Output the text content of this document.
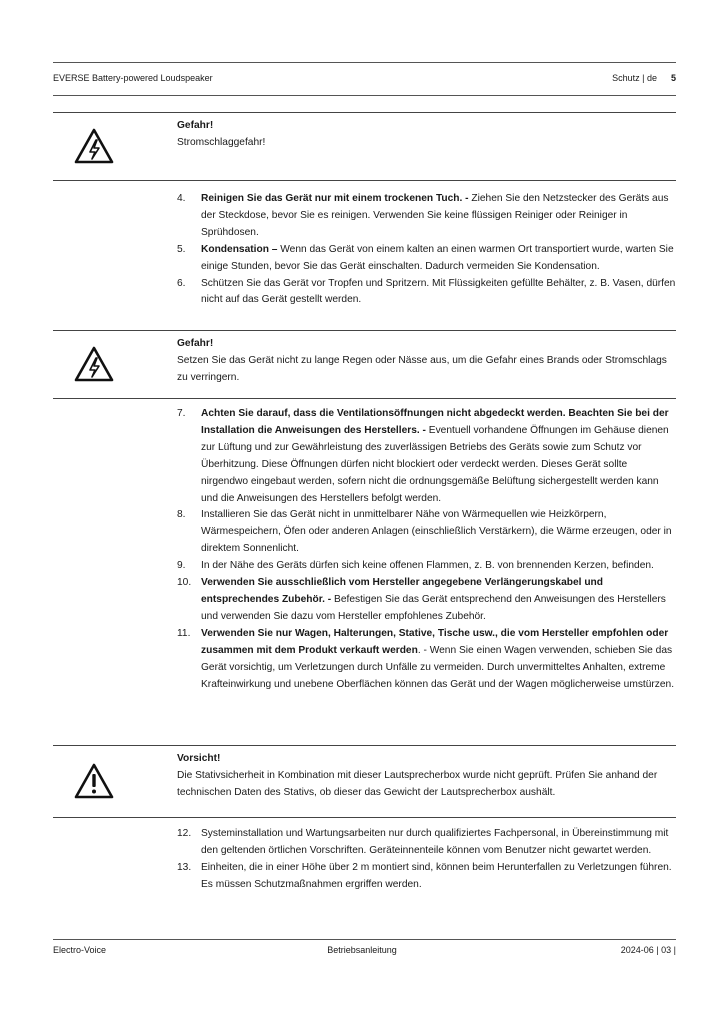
EVERSE Battery-powered Loudspeaker	Schutz | de 5
Gefahr!
Stromschlaggefahr!
4. Reinigen Sie das Gerät nur mit einem trockenen Tuch. - Ziehen Sie den Netzstecker des Geräts aus der Steckdose, bevor Sie es reinigen. Verwenden Sie keine flüssigen Reiniger oder Reiniger in Sprühdosen.
5. Kondensation – Wenn das Gerät von einem kalten an einen warmen Ort transportiert wurde, warten Sie einige Stunden, bevor Sie das Gerät einschalten. Dadurch vermeiden Sie Kondensation.
6. Schützen Sie das Gerät vor Tropfen und Spritzern. Mit Flüssigkeiten gefüllte Behälter, z. B. Vasen, dürfen nicht auf das Gerät gestellt werden.
Gefahr!
Setzen Sie das Gerät nicht zu lange Regen oder Nässe aus, um die Gefahr eines Brands oder Stromschlags zu verringern.
7. Achten Sie darauf, dass die Ventilationsöffnungen nicht abgedeckt werden. Beachten Sie bei der Installation die Anweisungen des Herstellers. - Eventuell vorhandene Öffnungen im Gehäuse dienen zur Lüftung und zur Gewährleistung des zuverlässigen Betriebs des Geräts sowie zum Schutz vor Überhitzung. Diese Öffnungen dürfen nicht blockiert oder verdeckt werden. Dieses Gerät sollte nirgendwo eingebaut werden, sofern nicht die ordnungsgemäße Belüftung sichergestellt werden kann und die Anweisungen des Herstellers befolgt werden.
8. Installieren Sie das Gerät nicht in unmittelbarer Nähe von Wärmequellen wie Heizkörpern, Wärmespeichern, Öfen oder anderen Anlagen (einschließlich Verstärkern), die Wärme erzeugen, oder in direktem Sonnenlicht.
9. In der Nähe des Geräts dürfen sich keine offenen Flammen, z. B. von brennenden Kerzen, befinden.
10. Verwenden Sie ausschließlich vom Hersteller angegebene Verlängerungskabel und entsprechendes Zubehör. - Befestigen Sie das Gerät entsprechend den Anweisungen des Herstellers und verwenden Sie dazu vom Hersteller empfohlenes Zubehör.
11. Verwenden Sie nur Wagen, Halterungen, Stative, Tische usw., die vom Hersteller empfohlen oder zusammen mit dem Produkt verkauft werden. - Wenn Sie einen Wagen verwenden, schieben Sie das Gerät vorsichtig, um Verletzungen durch Unfälle zu vermeiden. Durch unvermitteltes Anhalten, extreme Krafteinwirkung und unebene Oberflächen können das Gerät und der Wagen möglicherweise umstürzen.
Vorsicht!
Die Stativsicherheit in Kombination mit dieser Lautsprecherbox wurde nicht geprüft. Prüfen Sie anhand der technischen Daten des Stativs, ob dieser das Gewicht der Lautsprecherbox aushält.
12. Systeminstallation und Wartungsarbeiten nur durch qualifiziertes Fachpersonal, in Übereinstimmung mit den geltenden örtlichen Vorschriften. Geräteinnenteile können vom Benutzer nicht gewartet werden.
13. Einheiten, die in einer Höhe über 2 m montiert sind, können beim Herunterfallen zu Verletzungen führen. Es müssen Schutzmaßnahmen ergriffen werden.
Electro-Voice	Betriebsanleitung	2024-06 | 03 |
